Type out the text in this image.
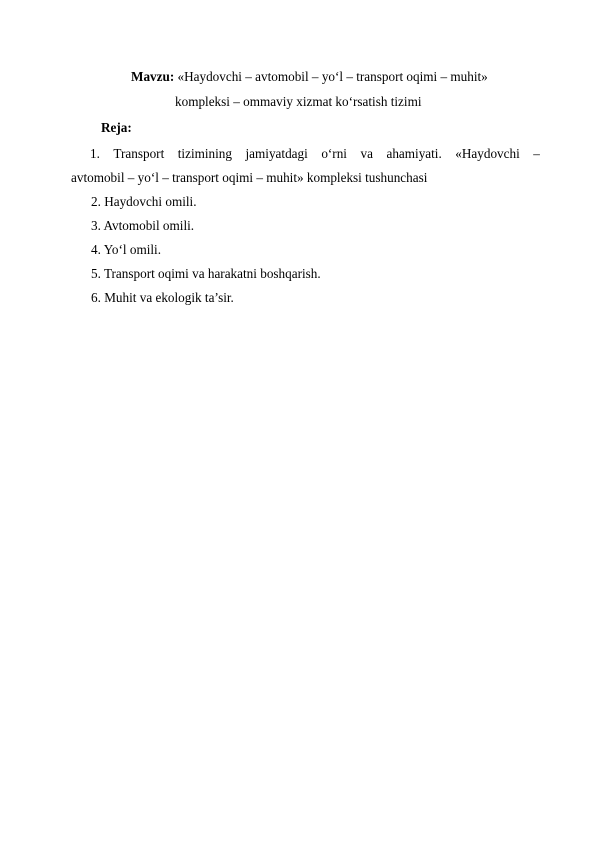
Mavzu: «Haydovchi – avtomobil – yo‘l – transport oqimi – muhit»
kompleksi – ommaviy xizmat ko‘rsatish tizimi
Reja:
1. Transport tizimining jamiyatdagi o‘rni va ahamiyati. «Haydovchi –
avtomobil – yo‘l – transport oqimi – muhit» kompleksi tushunchasi
2. Haydovchi omili.
3. Avtomobil omili.
4. Yo‘l omili.
5. Transport oqimi va harakatni boshqarish.
6. Muhit va ekologik ta’sir.
